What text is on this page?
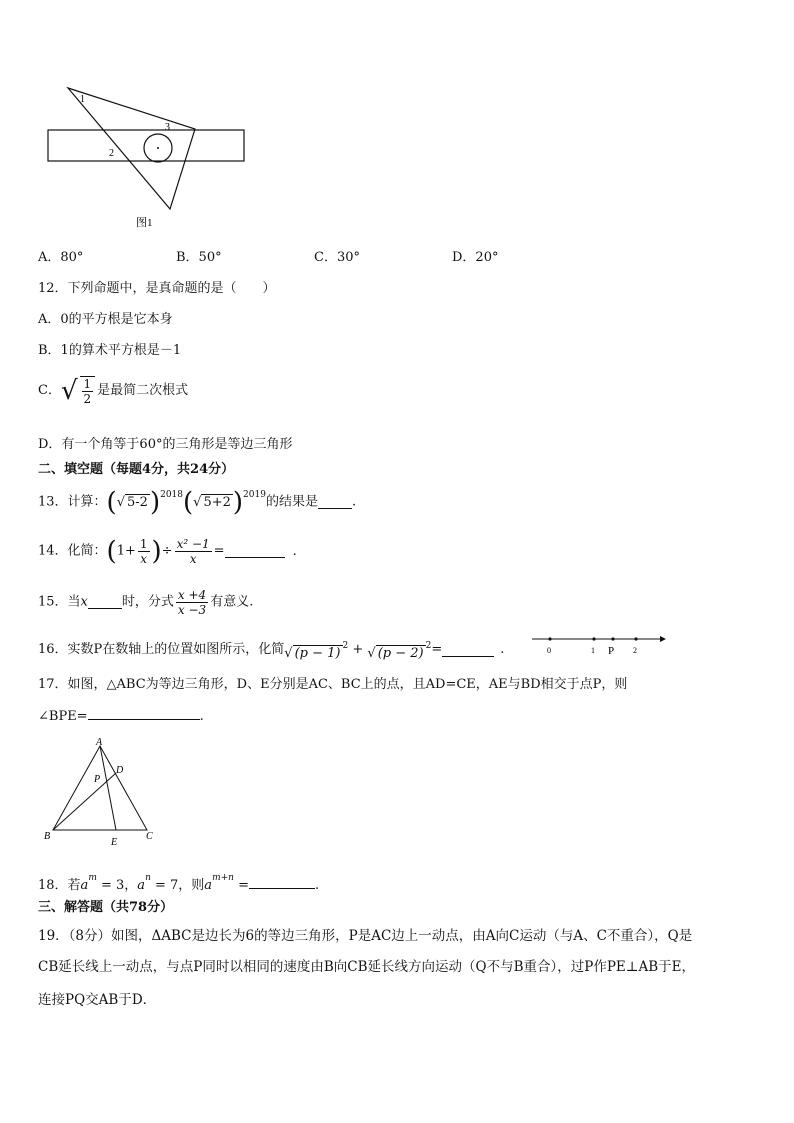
1
2
3
图1
A．80°	B．50°	C．30°	D．20°
12．下列命题中，是真命题的是（　　）
A．0的平方根是它本身
B．1的算术平方根是－1
C．√ $\frac{1}{2}$ 是最简二次根式
D．有一个角等于60°的三角形是等边三角形
二、填空题（每题4分，共24分）
13．计算：(√ 5-2)$^{2018}$(√ 5+2)$^{2019}$的结果是	.
14．化简：($1+ \frac{1}{x}$ )÷ $\frac{\text{x² −1}}{x}$ =	.
15．当x	时，分式 $\frac{x +4}{x -3}$ 有意义.
16．实数P在数轴上的位置如图所示，化简√ (p − 1) $^2$ + √ (p − 2) $^2$=	.	0	1 P 2
17．如图，△ABC为等边三角形，D、E分别是AC、BC上的点，且AD=CE，AE与BD相交于点P，则
∠BPE=	.
A
B	C
D
E
P
18．若$a^m = 3$，$a^n = 7$，则$a^{m+n}$ =	.
三、解答题（共78分）
19．（8分）如图，ΔABC是边长为6的等边三角形，P是AC边上一动点，由A向C运动（与A、C不重合），Q是
CB延长线上一动点，与点P同时以相同的速度由B向CB延长线方向运动（Q不与B重合），过P作PE⊥AB于E，
连接PQ交AB于D．
